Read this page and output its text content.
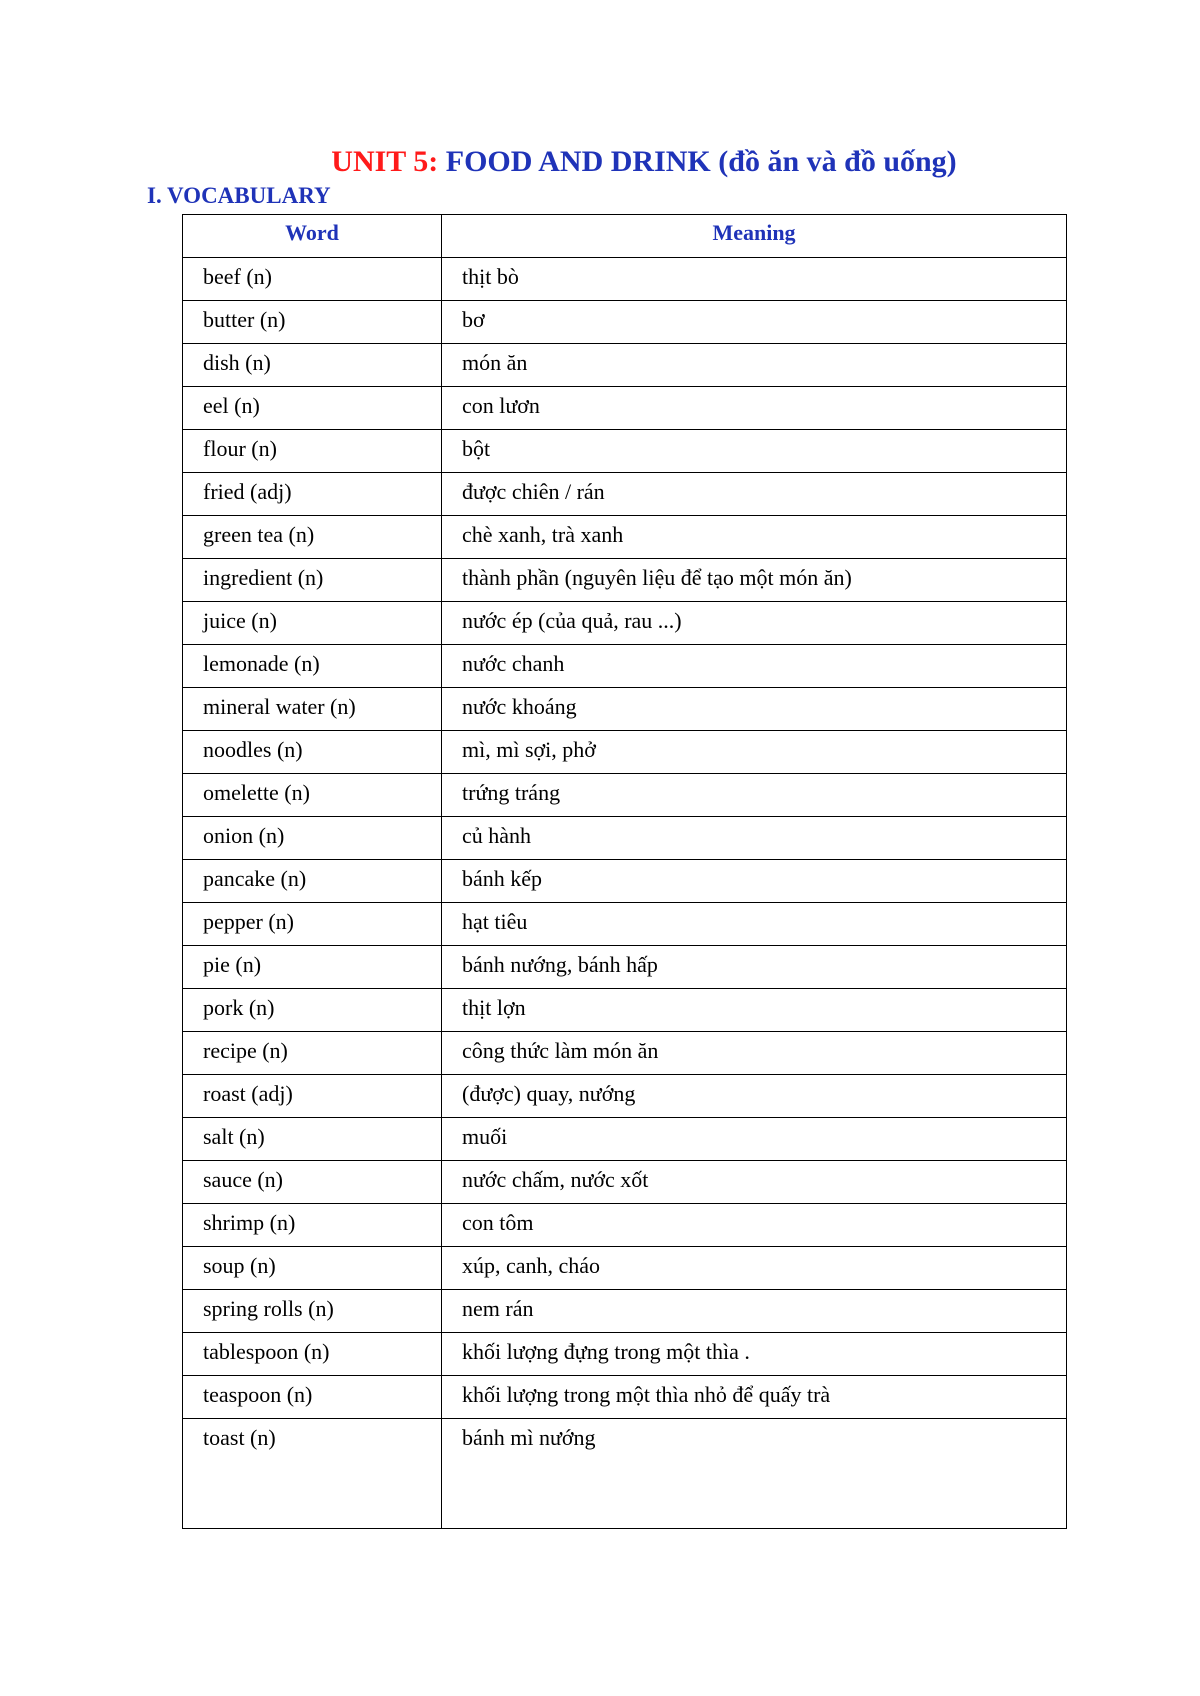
UNIT 5: FOOD AND DRINK (đồ ăn và đồ uống)
I. VOCABULARY
Word	Meaning
beef (n)	thịt bò
butter (n)	bơ
dish (n)	món ăn
eel (n)	con lươn
flour (n)	bột
fried (adj)	được chiên / rán
green tea (n)	chè xanh, trà xanh
ingredient (n)	thành phần (nguyên liệu để tạo một món ăn)
juice (n)	nước ép (của quả, rau ...)
lemonade (n)	nước chanh
mineral water (n)	nước khoáng
noodles (n)	mì, mì sợi, phở
omelette (n)	trứng tráng
onion (n)	củ hành
pancake (n)	bánh kếp
pepper (n)	hạt tiêu
pie (n)	bánh nướng, bánh hấp
pork (n)	thịt lợn
recipe (n)	công thức làm món ăn
roast (adj)	(được) quay, nướng
salt (n)	muối
sauce (n)	nước chấm, nước xốt
shrimp (n)	con tôm
soup (n)	xúp, canh, cháo
spring rolls (n)	nem rán
tablespoon (n)	khối lượng đựng trong một thìa .
teaspoon (n)	khối lượng trong một thìa nhỏ để quấy trà
toast (n)	bánh mì nướng
